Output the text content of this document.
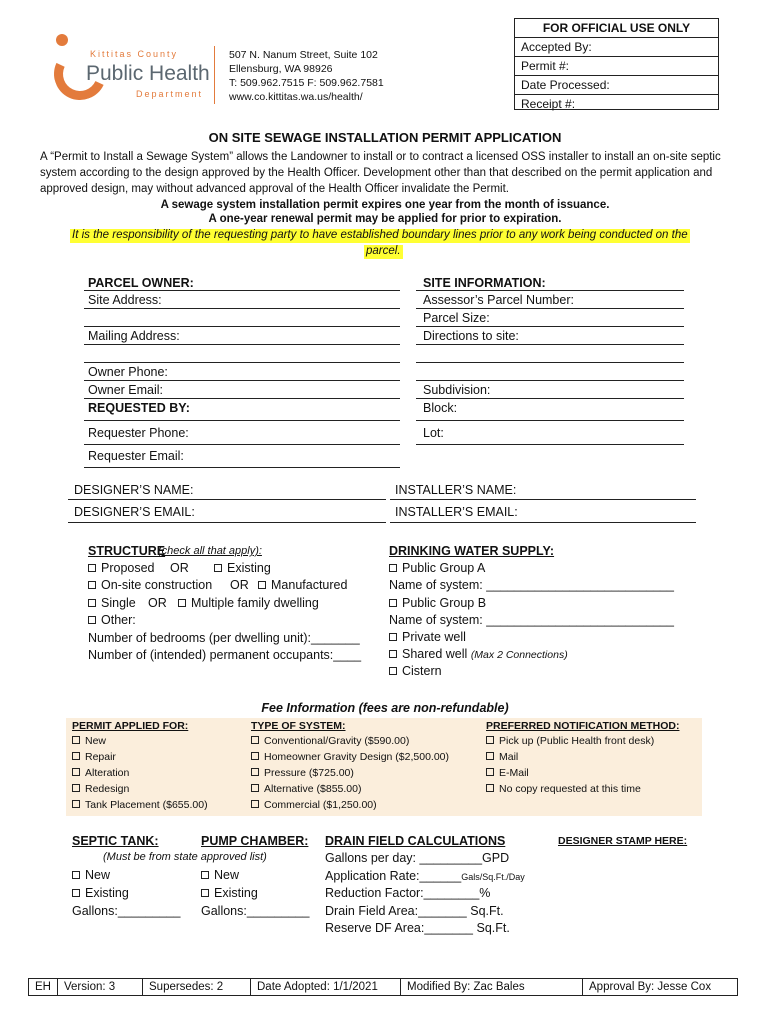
Kittitas County
Public Health
Department
507 N. Nanum Street, Suite 102
Ellensburg, WA 98926
T: 509.962.7515 F: 509.962.7581
www.co.kittitas.wa.us/health/
FOR OFFICIAL USE ONLY
Accepted By:
Permit #:
Date Processed:
Receipt #:
ON SITE SEWAGE INSTALLATION PERMIT APPLICATION
A “Permit to Install a Sewage System” allows the Landowner to install or to contract a licensed OSS installer to install an on-site septic
system according to the design approved by the Health Officer. Development other than that described on the permit application and
approved design, may without advanced approval of the Health Officer invalidate the Permit.
A sewage system installation permit expires one year from the month of issuance.
A one-year renewal permit may be applied for prior to expiration.
It is the responsibility of the requesting party to have established boundary lines prior to any work being conducted on the
parcel.
PARCEL OWNER:
Site Address:
Mailing Address:
Owner Phone:
Owner Email:
REQUESTED BY:
Requester Phone:
Requester Email:
SITE INFORMATION:
Assessor’s Parcel Number:
Parcel Size:
Directions to site:
Subdivision:
Block:
Lot:
DESIGNER’S NAME:
DESIGNER’S EMAIL:
INSTALLER’S NAME:
INSTALLER’S EMAIL:
STRUCTURE
(check all that apply):
Proposed OR	Existing
On-site construction OR	Manufactured
Single OR	Multiple family dwelling
Other:
Number of bedrooms (per dwelling unit):_______
Number of (intended) permanent occupants:____
DRINKING WATER SUPPLY:
Public Group A
Name of system: ___________________________
Public Group B
Name of system: ___________________________
Private well
Shared well (Max 2 Connections)
Cistern
Fee Information (fees are non-refundable)
PERMIT APPLIED FOR:
New
Repair
Alteration
Redesign
Tank Placement ($655.00)
TYPE OF SYSTEM:
Conventional/Gravity ($590.00)
Homeowner Gravity Design ($2,500.00)
Pressure ($725.00)
Alternative ($855.00)
Commercial ($1,250.00)
PREFERRED NOTIFICATION METHOD:
Pick up (Public Health front desk)
Mail
E-Mail
No copy requested at this time
SEPTIC TANK:	PUMP CHAMBER:
(Must be from state approved list)
New
Existing
Gallons:_________
New
Existing
Gallons:_________
DRAIN FIELD CALCULATIONS
Gallons per day: _________GPD
Application Rate:______Gals/Sq.Ft./Day
Reduction Factor:________%
Drain Field Area:_______ Sq.Ft.
Reserve DF Area:_______ Sq.Ft.
DESIGNER STAMP HERE:
EH	Version: 3	Supersedes: 2	Date Adopted: 1/1/2021	Modified By: Zac Bales	Approval By: Jesse Cox
